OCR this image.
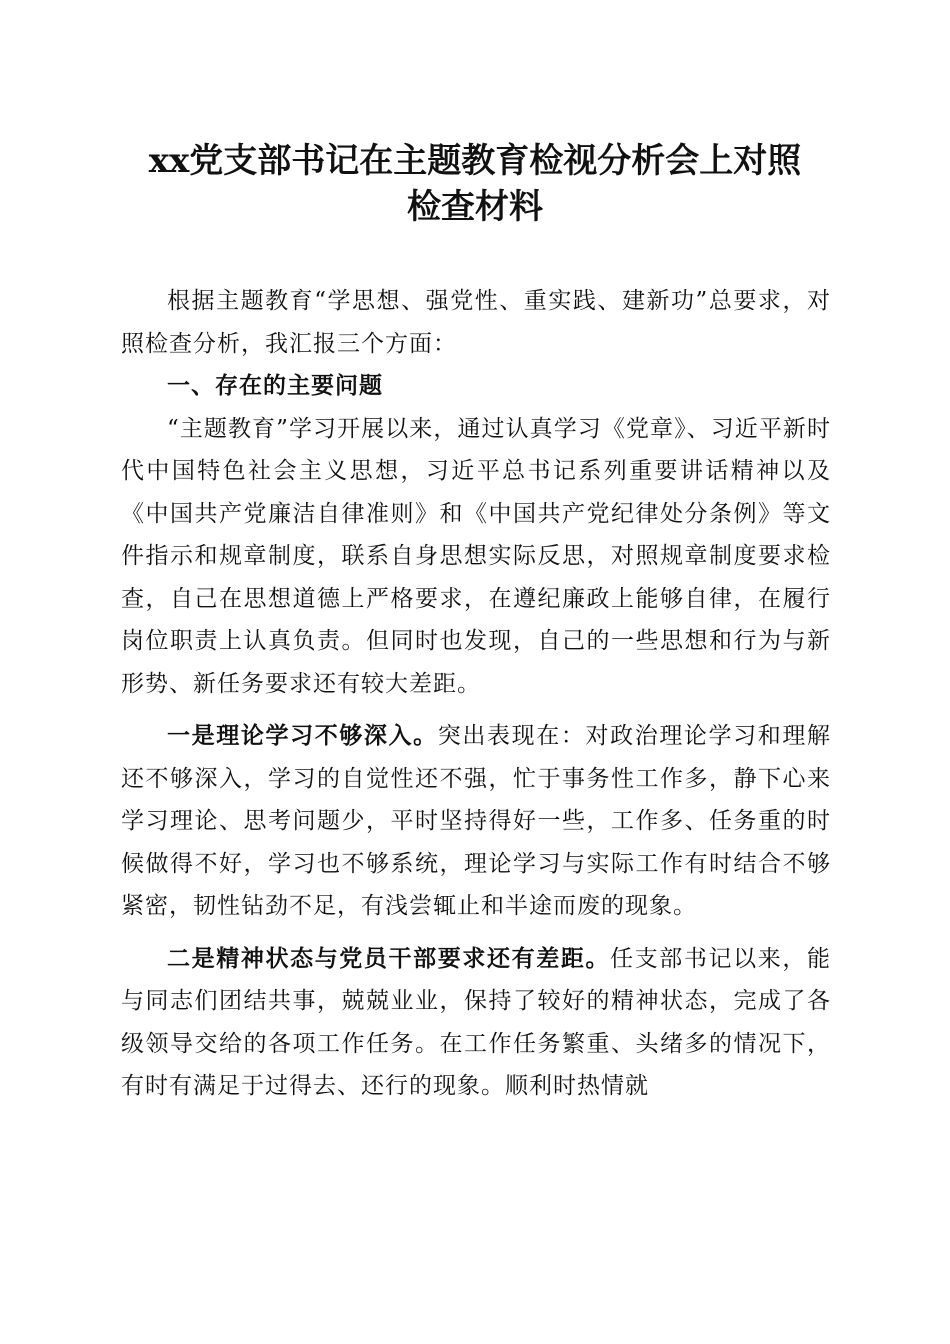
xx党支部书记在主题教育检视分析会上对照
检查材料

根据主题教育“学思想、强党性、重实践、建新功”总要求，对照检查分析，我汇报三个方面：

一、存在的主要问题

“主题教育”学习开展以来，通过认真学习《党章》、习近平新时代中国特色社会主义思想，习近平总书记系列重要讲话精神以及《中国共产党廉洁自律准则》和《中国共产党纪律处分条例》等文件指示和规章制度，联系自身思想实际反思，对照规章制度要求检查，自己在思想道德上严格要求，在遵纪廉政上能够自律，在履行岗位职责上认真负责。但同时也发现，自己的一些思想和行为与新形势、新任务要求还有较大差距。

一是理论学习不够深入。突出表现在：对政治理论学习和理解还不够深入，学习的自觉性还不强，忙于事务性工作多，静下心来学习理论、思考问题少，平时坚持得好一些，工作多、任务重的时候做得不好，学习也不够系统，理论学习与实际工作有时结合不够紧密，韧性钻劲不足，有浅尝辄止和半途而废的现象。

二是精神状态与党员干部要求还有差距。任支部书记以来，能与同志们团结共事，兢兢业业，保持了较好的精神状态，完成了各级领导交给的各项工作任务。在工作任务繁重、头绪多的情况下，有时有满足于过得去、还行的现象。顺利时热情就
